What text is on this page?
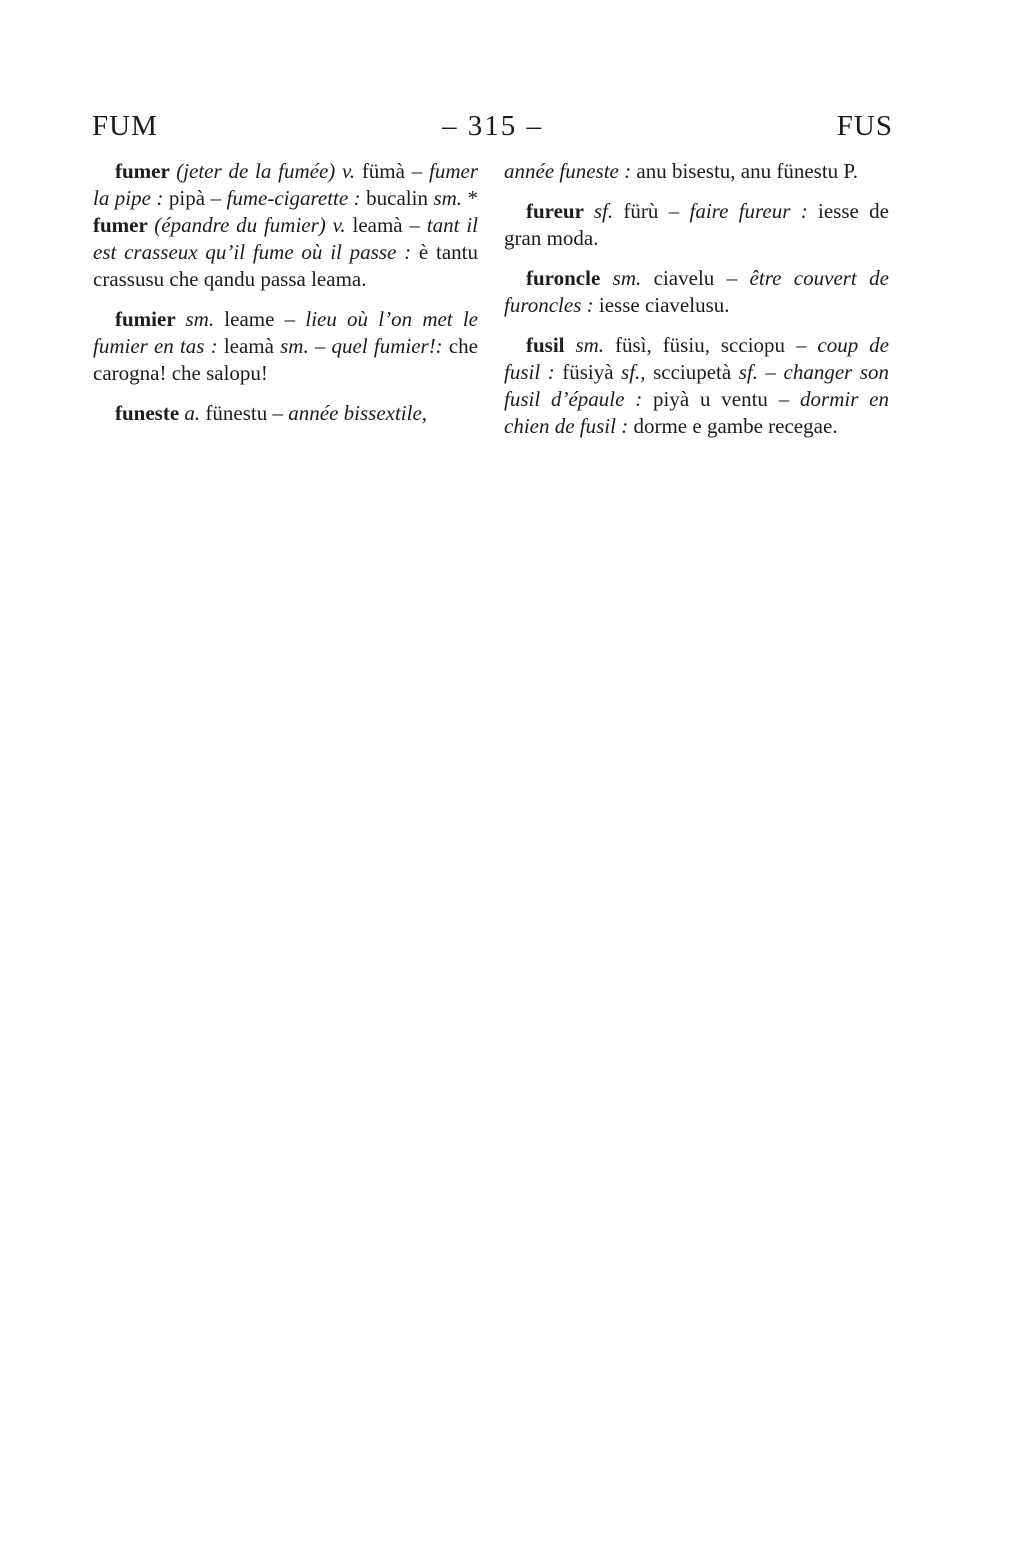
FUM	– 315 –	FUS

fumer (jeter de la fumée) v. fümà – fumer la pipe : pipà – fume-cigarette : bucalin sm. * fumer (épandre du fumier) v. leamà – tant il est crasseux qu’il fume où il passe : è tantu crassusu che qandu passa leama.

fumier sm. leame – lieu où l’on met le fumier en tas : leamà sm. – quel fumier!: che carogna! che salopu!

funeste a. fünestu – année bissextile,

année funeste : anu bisestu, anu fünestu P.

fureur sf. fürù – faire fureur : iesse de gran moda.

furoncle sm. ciavelu – être couvert de furoncles : iesse ciavelusu.

fusil sm. füsì, füsiu, scciopu – coup de fusil : füsiyà sf., scciupetà sf. – changer son fusil d’épaule : piyà u ventu – dormir en chien de fusil : dorme e gambe recegae.
